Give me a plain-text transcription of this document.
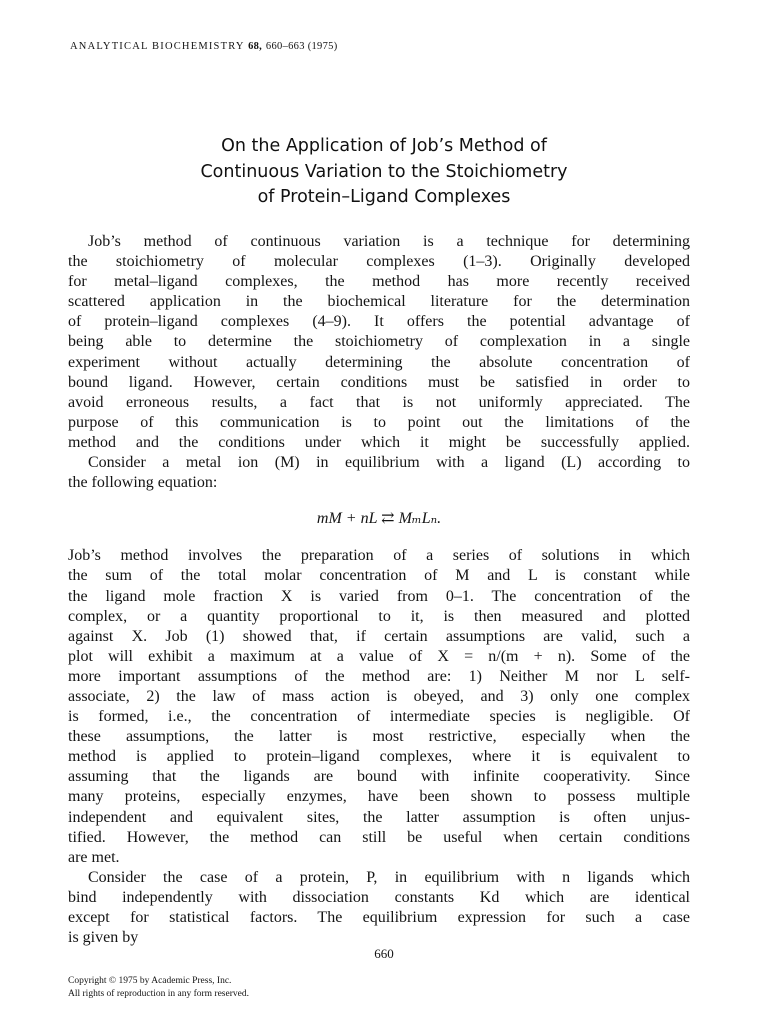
ANALYTICAL BIOCHEMISTRY 68, 660–663 (1975)
On the Application of Job’s Method of
Continuous Variation to the Stoichiometry
of Protein–Ligand Complexes
Job’s method of continuous variation is a technique for determining
the stoichiometry of molecular complexes (1–3). Originally developed
for metal–ligand complexes, the method has more recently received
scattered application in the biochemical literature for the determination
of protein–ligand complexes (4–9). It offers the potential advantage of
being able to determine the stoichiometry of complexation in a single
experiment without actually determining the absolute concentration of
bound ligand. However, certain conditions must be satisfied in order to
avoid erroneous results, a fact that is not uniformly appreciated. The
purpose of this communication is to point out the limitations of the
method and the conditions under which it might be successfully applied.
Consider a metal ion (M) in equilibrium with a ligand (L) according to
the following equation:
mM + nL ⇄ MₘLₙ.
Job’s method involves the preparation of a series of solutions in which
the sum of the total molar concentration of M and L is constant while
the ligand mole fraction X is varied from 0–1. The concentration of the
complex, or a quantity proportional to it, is then measured and plotted
against X. Job (1) showed that, if certain assumptions are valid, such a
plot will exhibit a maximum at a value of X = n/(m + n). Some of the
more important assumptions of the method are: 1) Neither M nor L self-
associate, 2) the law of mass action is obeyed, and 3) only one complex
is formed, i.e., the concentration of intermediate species is negligible. Of
these assumptions, the latter is most restrictive, especially when the
method is applied to protein–ligand complexes, where it is equivalent to
assuming that the ligands are bound with infinite cooperativity. Since
many proteins, especially enzymes, have been shown to possess multiple
independent and equivalent sites, the latter assumption is often unjus-
tified. However, the method can still be useful when certain conditions
are met.
Consider the case of a protein, P, in equilibrium with n ligands which
bind independently with dissociation constants Kd which are identical
except for statistical factors. The equilibrium expression for such a case
is given by
660
Copyright © 1975 by Academic Press, Inc.
All rights of reproduction in any form reserved.
